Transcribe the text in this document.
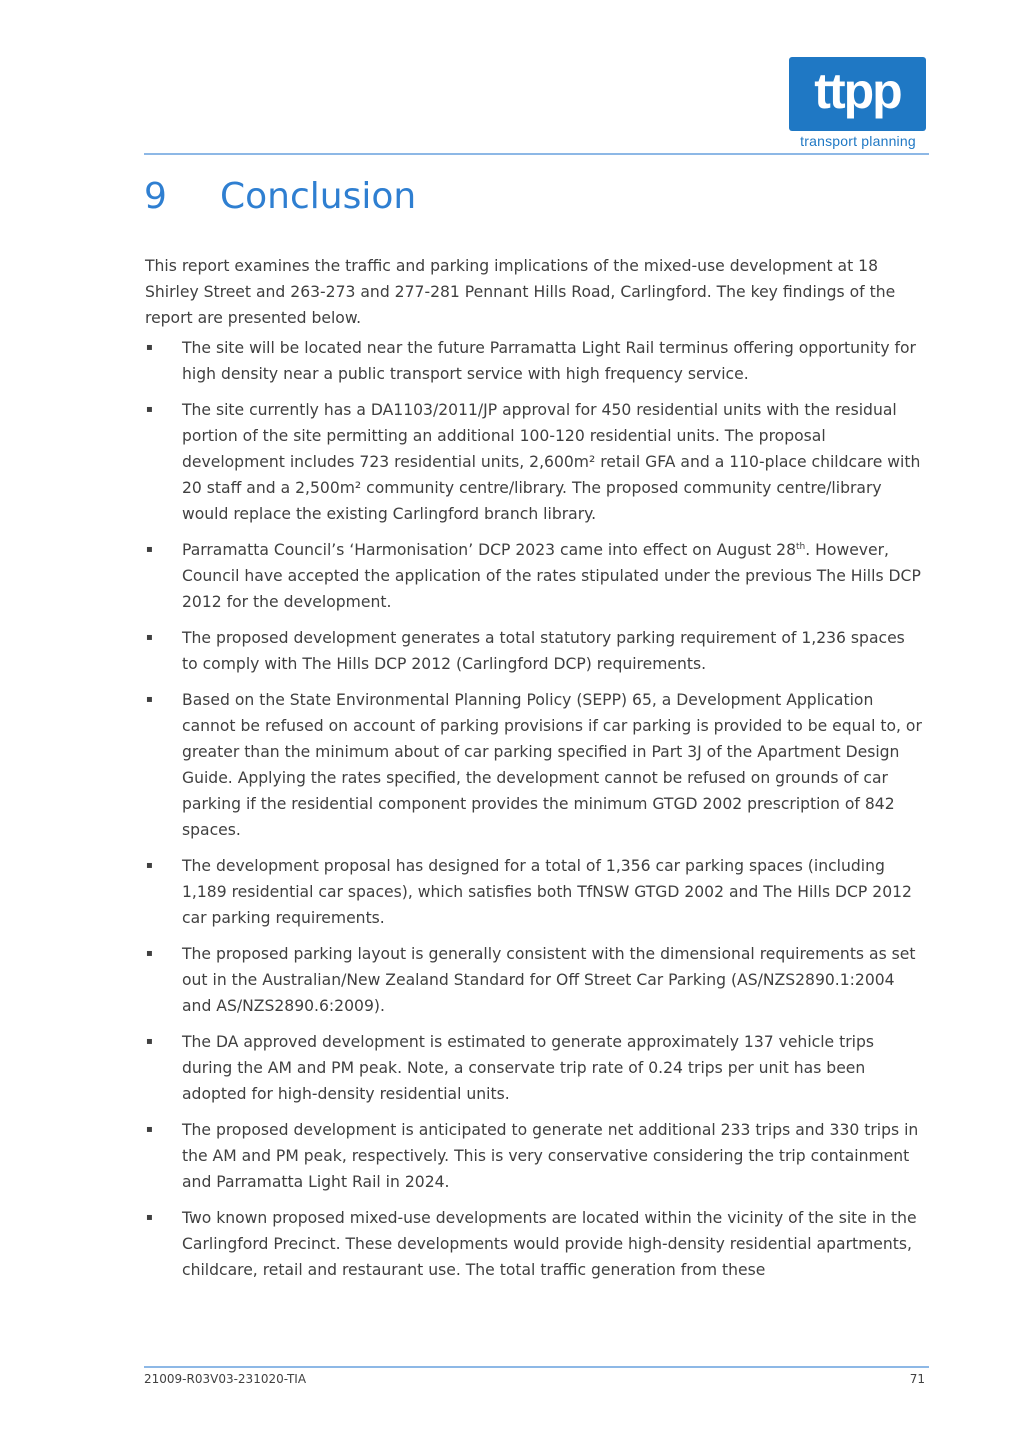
ttpp
transport planning
9 Conclusion

This report examines the traffic and parking implications of the mixed-use development at 18 Shirley Street and 263-273 and 277-281 Pennant Hills Road, Carlingford. The key findings of the report are presented below.

▪ The site will be located near the future Parramatta Light Rail terminus offering opportunity for high density near a public transport service with high frequency service.
▪ The site currently has a DA1103/2011/JP approval for 450 residential units with the residual portion of the site permitting an additional 100-120 residential units. The proposal development includes 723 residential units, 2,600m² retail GFA and a 110-place childcare with 20 staff and a 2,500m² community centre/library. The proposed community centre/library would replace the existing Carlingford branch library.
▪ Parramatta Council’s ‘Harmonisation’ DCP 2023 came into effect on August 28th. However, Council have accepted the application of the rates stipulated under the previous The Hills DCP 2012 for the development.
▪ The proposed development generates a total statutory parking requirement of 1,236 spaces to comply with The Hills DCP 2012 (Carlingford DCP) requirements.
▪ Based on the State Environmental Planning Policy (SEPP) 65, a Development Application cannot be refused on account of parking provisions if car parking is provided to be equal to, or greater than the minimum about of car parking specified in Part 3J of the Apartment Design Guide. Applying the rates specified, the development cannot be refused on grounds of car parking if the residential component provides the minimum GTGD 2002 prescription of 842 spaces.
▪ The development proposal has designed for a total of 1,356 car parking spaces (including 1,189 residential car spaces), which satisfies both TfNSW GTGD 2002 and The Hills DCP 2012 car parking requirements.
▪ The proposed parking layout is generally consistent with the dimensional requirements as set out in the Australian/New Zealand Standard for Off Street Car Parking (AS/NZS2890.1:2004 and AS/NZS2890.6:2009).
▪ The DA approved development is estimated to generate approximately 137 vehicle trips during the AM and PM peak. Note, a conservate trip rate of 0.24 trips per unit has been adopted for high-density residential units.
▪ The proposed development is anticipated to generate net additional 233 trips and 330 trips in the AM and PM peak, respectively. This is very conservative considering the trip containment and Parramatta Light Rail in 2024.
▪ Two known proposed mixed-use developments are located within the vicinity of the site in the Carlingford Precinct. These developments would provide high-density residential apartments, childcare, retail and restaurant use. The total traffic generation from these
21009-R03V03-231020-TIA	71
